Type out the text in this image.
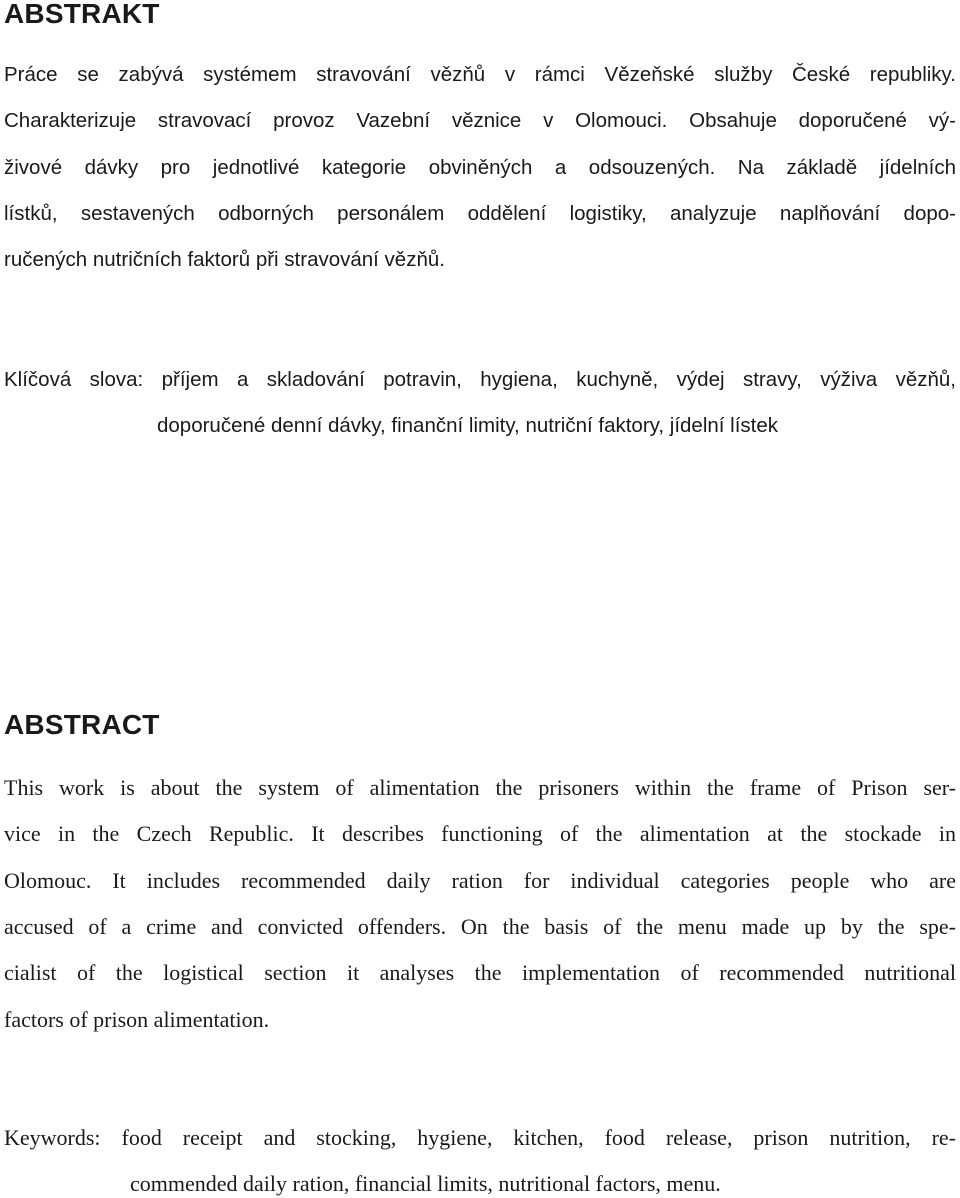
ABSTRAKT

Práce se zabývá systémem stravování vězňů v rámci Vězeňské služby České republiky.

Charakterizuje stravovací provoz Vazební věznice v Olomouci. Obsahuje doporučené vý-

živové dávky pro jednotlivé kategorie obviněných a odsouzených. Na základě jídelních

lístků, sestavených odborných personálem oddělení logistiky, analyzuje naplňování dopo-

ručených nutričních faktorů při stravování vězňů.

Klíčová slova: příjem a skladování potravin, hygiena, kuchyně, výdej stravy, výživa vězňů,

doporučené denní dávky, finanční limity, nutriční faktory, jídelní lístek

ABSTRACT

This work is about the system of alimentation the prisoners within the frame of Prison ser-

vice in the Czech Republic. It describes functioning of the alimentation at the stockade in

Olomouc. It includes recommended daily ration for individual categories people who are

accused of a crime and convicted offenders. On the basis of the menu made up by the spe-

cialist of the logistical section it analyses the implementation of recommended nutritional

factors of prison alimentation.

Keywords: food receipt and stocking, hygiene, kitchen, food release, prison nutrition, re-

commended daily ration, financial limits, nutritional factors, menu.
